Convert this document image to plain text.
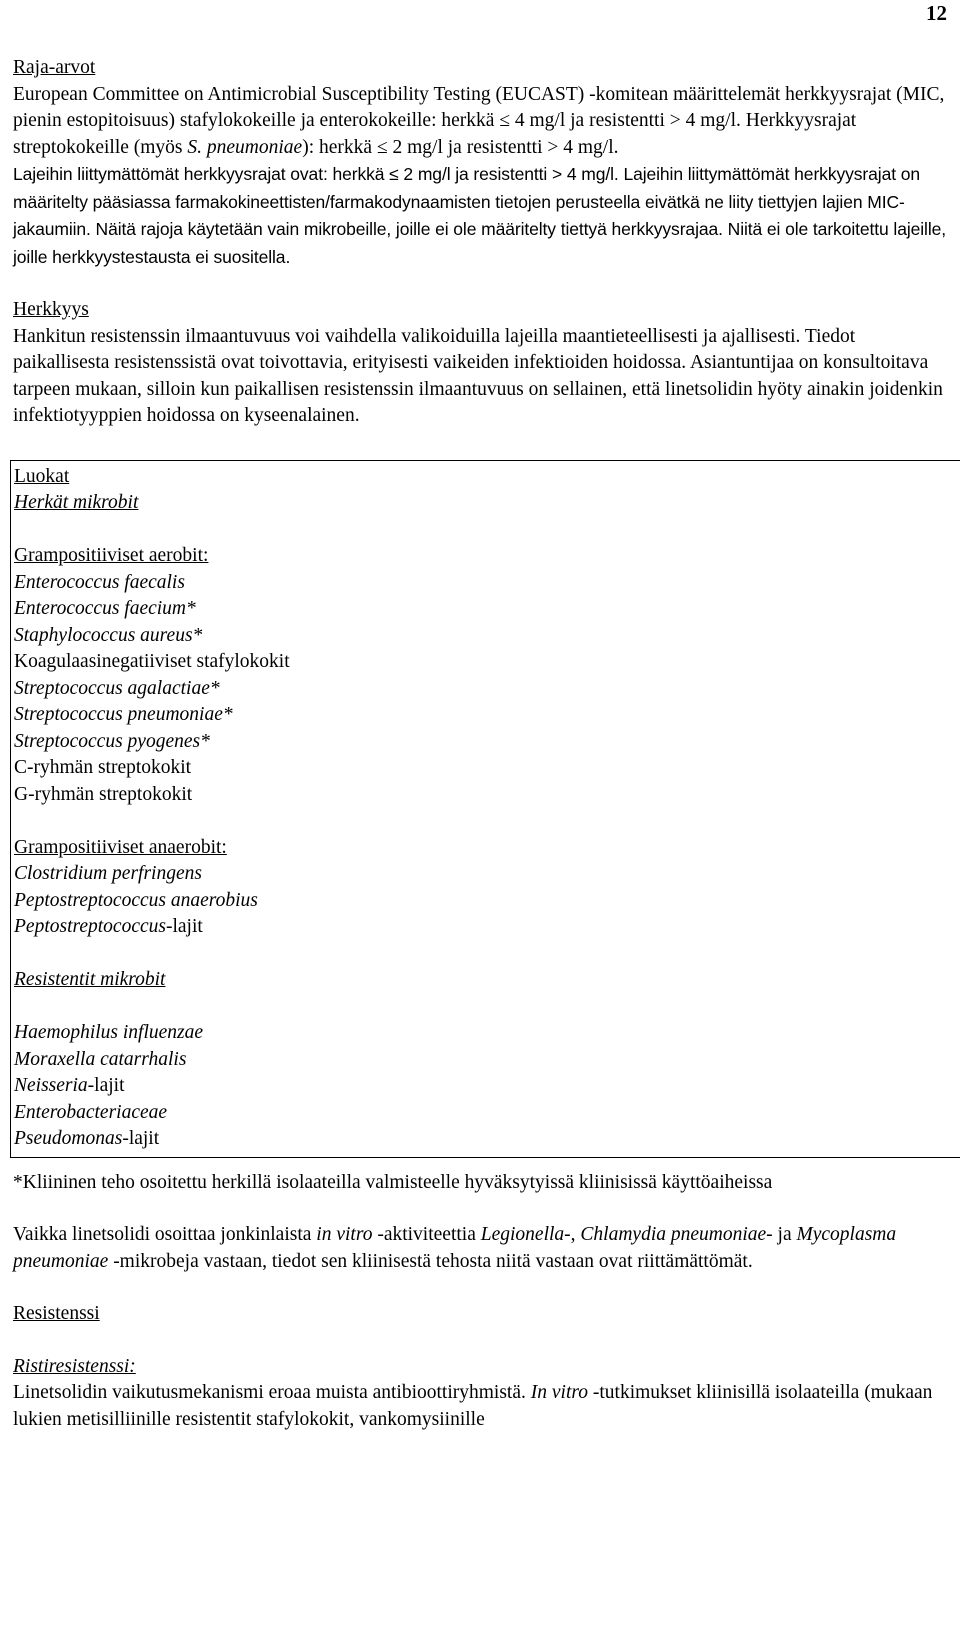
12
Raja-arvot
European Committee on Antimicrobial Susceptibility Testing (EUCAST) -komitean määrittelemät herkkyysrajat (MIC, pienin estopitoisuus) stafylokokeille ja enterokokeille: herkkä ≤ 4 mg/l ja resistentti > 4 mg/l. Herkkyysrajat streptokokeille (myös S. pneumoniae): herkkä ≤ 2 mg/l ja resistentti > 4 mg/l.
Lajeihin liittymättömät herkkyysrajat ovat: herkkä ≤ 2 mg/l ja resistentti > 4 mg/l. Lajeihin liittymättömät herkkyysrajat on määritelty pääsiassa farmakokineettisten/farmakodynaamisten tietojen perusteella eivätkä ne liity tiettyjen lajien MIC-jakaumiin. Näitä rajoja käytetään vain mikrobeille, joille ei ole määritelty tiettyä herkkyysrajaa. Niitä ei ole tarkoitettu lajeille, joille herkkyystestausta ei suositella.
Herkkyys
Hankitun resistenssin ilmaantuvuus voi vaihdella valikoiduilla lajeilla maantieteellisesti ja ajallisesti. Tiedot paikallisesta resistenssistä ovat toivottavia, erityisesti vaikeiden infektioiden hoidossa. Asiantuntijaa on konsultoitava tarpeen mukaan, silloin kun paikallisen resistenssin ilmaantuvuus on sellainen, että linetsolidin hyöty ainakin joidenkin infektiotyyppien hoidossa on kyseenalainen.
Luokat
Herkät mikrobit

Grampositiiviset aerobit:
Enterococcus faecalis
Enterococcus faecium*
Staphylococcus aureus*
Koagulaasinegatiiviset stafylokokit
Streptococcus agalactiae*
Streptococcus pneumoniae*
Streptococcus pyogenes*
C-ryhmän streptokokit
G-ryhmän streptokokit

Grampositiiviset anaerobit:
Clostridium perfringens
Peptostreptococcus anaerobius
Peptostreptococcus-lajit

Resistentit mikrobit

Haemophilus influenzae
Moraxella catarrhalis
Neisseria-lajit
Enterobacteriaceae
Pseudomonas-lajit
*Kliininen teho osoitettu herkillä isolaateilla valmisteelle hyväksytyissä kliinisissä käyttöaiheissa
Vaikka linetsolidi osoittaa jonkinlaista in vitro -aktiviteettia Legionella-, Chlamydia pneumoniae- ja Mycoplasma pneumoniae -mikrobeja vastaan, tiedot sen kliinisestä tehosta niitä vastaan ovat riittämättömät.
Resistenssi
Ristiresistenssi:
Linetsolidin vaikutusmekanismi eroaa muista antibioottiryhmistä. In vitro -tutkimukset kliinisillä isolaateilla (mukaan lukien metisilliinille resistentit stafylokokit, vankomysiinille
